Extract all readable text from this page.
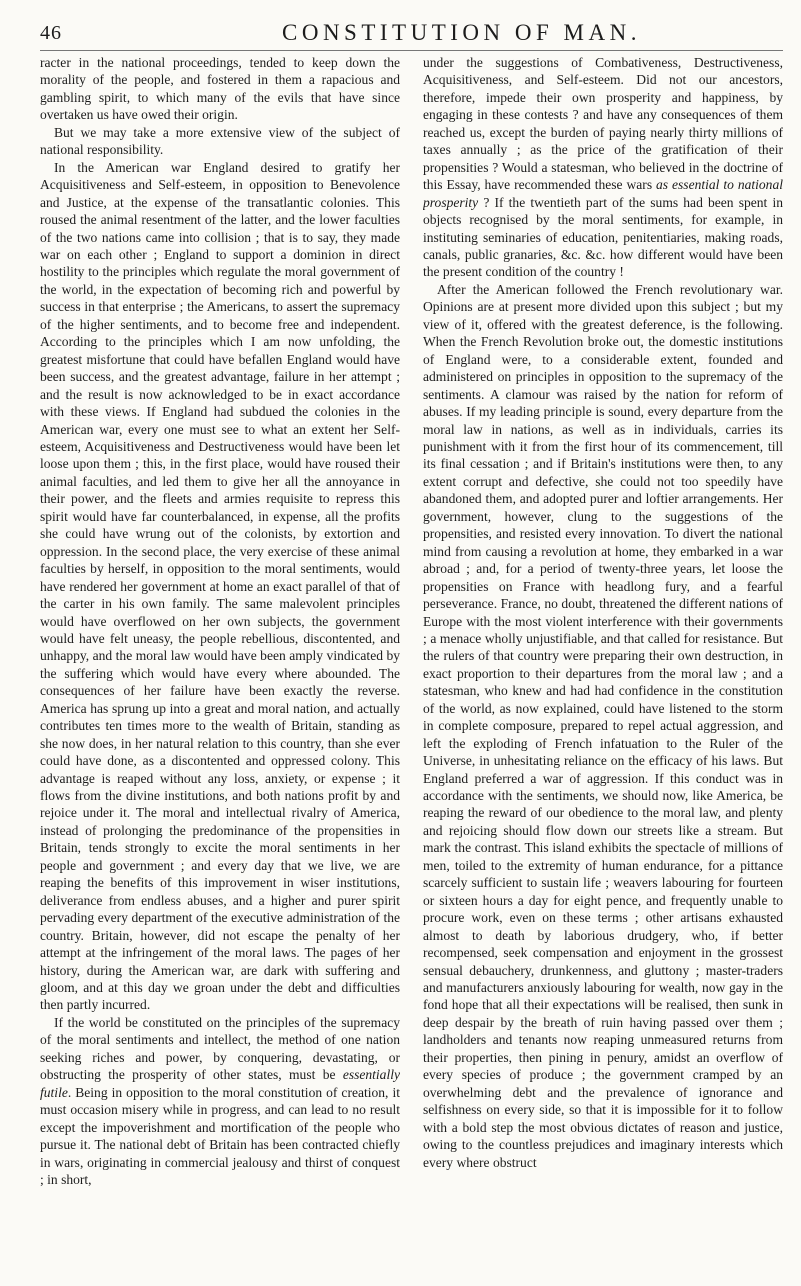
46	CONSTITUTION OF MAN.

racter in the national proceedings, tended to keep down the morality of the people, and fostered in them a rapacious and gambling spirit, to which many of the evils that have since overtaken us have owed their origin.

But we may take a more extensive view of the subject of national responsibility.

In the American war England desired to gratify her Acquisitiveness and Self-esteem, in opposition to Benevolence and Justice, at the expense of the transatlantic colonies. This roused the animal resentment of the latter, and the lower faculties of the two nations came into collision ; that is to say, they made war on each other ; England to support a dominion in direct hostility to the principles which regulate the moral government of the world, in the expectation of becoming rich and powerful by success in that enterprise ; the Americans, to assert the supremacy of the higher sentiments, and to become free and independent. According to the principles which I am now unfolding, the greatest misfortune that could have befallen England would have been success, and the greatest advantage, failure in her attempt ; and the result is now acknowledged to be in exact accordance with these views. If England had subdued the colonies in the American war, every one must see to what an extent her Self-esteem, Acquisitiveness and Destructiveness would have been let loose upon them ; this, in the first place, would have roused their animal faculties, and led them to give her all the annoyance in their power, and the fleets and armies requisite to repress this spirit would have far counterbalanced, in expense, all the profits she could have wrung out of the colonists, by extortion and oppression. In the second place, the very exercise of these animal faculties by herself, in opposition to the moral sentiments, would have rendered her government at home an exact parallel of that of the carter in his own family. The same malevolent principles would have overflowed on her own subjects, the government would have felt uneasy, the people rebellious, discontented, and unhappy, and the moral law would have been amply vindicated by the suffering which would have every where abounded. The consequences of her failure have been exactly the reverse. America has sprung up into a great and moral nation, and actually contributes ten times more to the wealth of Britain, standing as she now does, in her natural relation to this country, than she ever could have done, as a discontented and oppressed colony. This advantage is reaped without any loss, anxiety, or expense ; it flows from the divine institutions, and both nations profit by and rejoice under it. The moral and intellectual rivalry of America, instead of prolonging the predominance of the propensities in Britain, tends strongly to excite the moral sentiments in her people and government ; and every day that we live, we are reaping the benefits of this improvement in wiser institutions, deliverance from endless abuses, and a higher and purer spirit pervading every department of the executive administration of the country. Britain, however, did not escape the penalty of her attempt at the infringement of the moral laws. The pages of her history, during the American war, are dark with suffering and gloom, and at this day we groan under the debt and difficulties then partly incurred.

If the world be constituted on the principles of the supremacy of the moral sentiments and intellect, the method of one nation seeking riches and power, by conquering, devastating, or obstructing the prosperity of other states, must be essentially futile. Being in opposition to the moral constitution of creation, it must occasion misery while in progress, and can lead to no result except the impoverishment and mortification of the people who pursue it. The national debt of Britain has been contracted chiefly in wars, originating in commercial jealousy and thirst of conquest ; in short,

under the suggestions of Combativeness, Destructiveness, Acquisitiveness, and Self-esteem. Did not our ancestors, therefore, impede their own prosperity and happiness, by engaging in these contests ? and have any consequences of them reached us, except the burden of paying nearly thirty millions of taxes annually ; as the price of the gratification of their propensities ? Would a statesman, who believed in the doctrine of this Essay, have recommended these wars as essential to national prosperity ? If the twentieth part of the sums had been spent in objects recognised by the moral sentiments, for example, in instituting seminaries of education, penitentiaries, making roads, canals, public granaries, &c. &c. how different would have been the present condition of the country !

After the American followed the French revolutionary war. Opinions are at present more divided upon this subject ; but my view of it, offered with the greatest deference, is the following. When the French Revolution broke out, the domestic institutions of England were, to a considerable extent, founded and administered on principles in opposition to the supremacy of the sentiments. A clamour was raised by the nation for reform of abuses. If my leading principle is sound, every departure from the moral law in nations, as well as in individuals, carries its punishment with it from the first hour of its commencement, till its final cessation ; and if Britain's institutions were then, to any extent corrupt and defective, she could not too speedily have abandoned them, and adopted purer and loftier arrangements. Her government, however, clung to the suggestions of the propensities, and resisted every innovation. To divert the national mind from causing a revolution at home, they embarked in a war abroad ; and, for a period of twenty-three years, let loose the propensities on France with headlong fury, and a fearful perseverance. France, no doubt, threatened the different nations of Europe with the most violent interference with their governments ; a menace wholly unjustifiable, and that called for resistance. But the rulers of that country were preparing their own destruction, in exact proportion to their departures from the moral law ; and a statesman, who knew and had had confidence in the constitution of the world, as now explained, could have listened to the storm in complete composure, prepared to repel actual aggression, and left the exploding of French infatuation to the Ruler of the Universe, in unhesitating reliance on the efficacy of his laws. But England preferred a war of aggression. If this conduct was in accordance with the sentiments, we should now, like America, be reaping the reward of our obedience to the moral law, and plenty and rejoicing should flow down our streets like a stream. But mark the contrast. This island exhibits the spectacle of millions of men, toiled to the extremity of human endurance, for a pittance scarcely sufficient to sustain life ; weavers labouring for fourteen or sixteen hours a day for eight pence, and frequently unable to procure work, even on these terms ; other artisans exhausted almost to death by laborious drudgery, who, if better recompensed, seek compensation and enjoyment in the grossest sensual debauchery, drunkenness, and gluttony ; master-traders and manufacturers anxiously labouring for wealth, now gay in the fond hope that all their expectations will be realised, then sunk in deep despair by the breath of ruin having passed over them ; landholders and tenants now reaping unmeasured returns from their properties, then pining in penury, amidst an overflow of every species of produce ; the government cramped by an overwhelming debt and the prevalence of ignorance and selfishness on every side, so that it is impossible for it to follow with a bold step the most obvious dictates of reason and justice, owing to the countless prejudices and imaginary interests which every where obstruct
